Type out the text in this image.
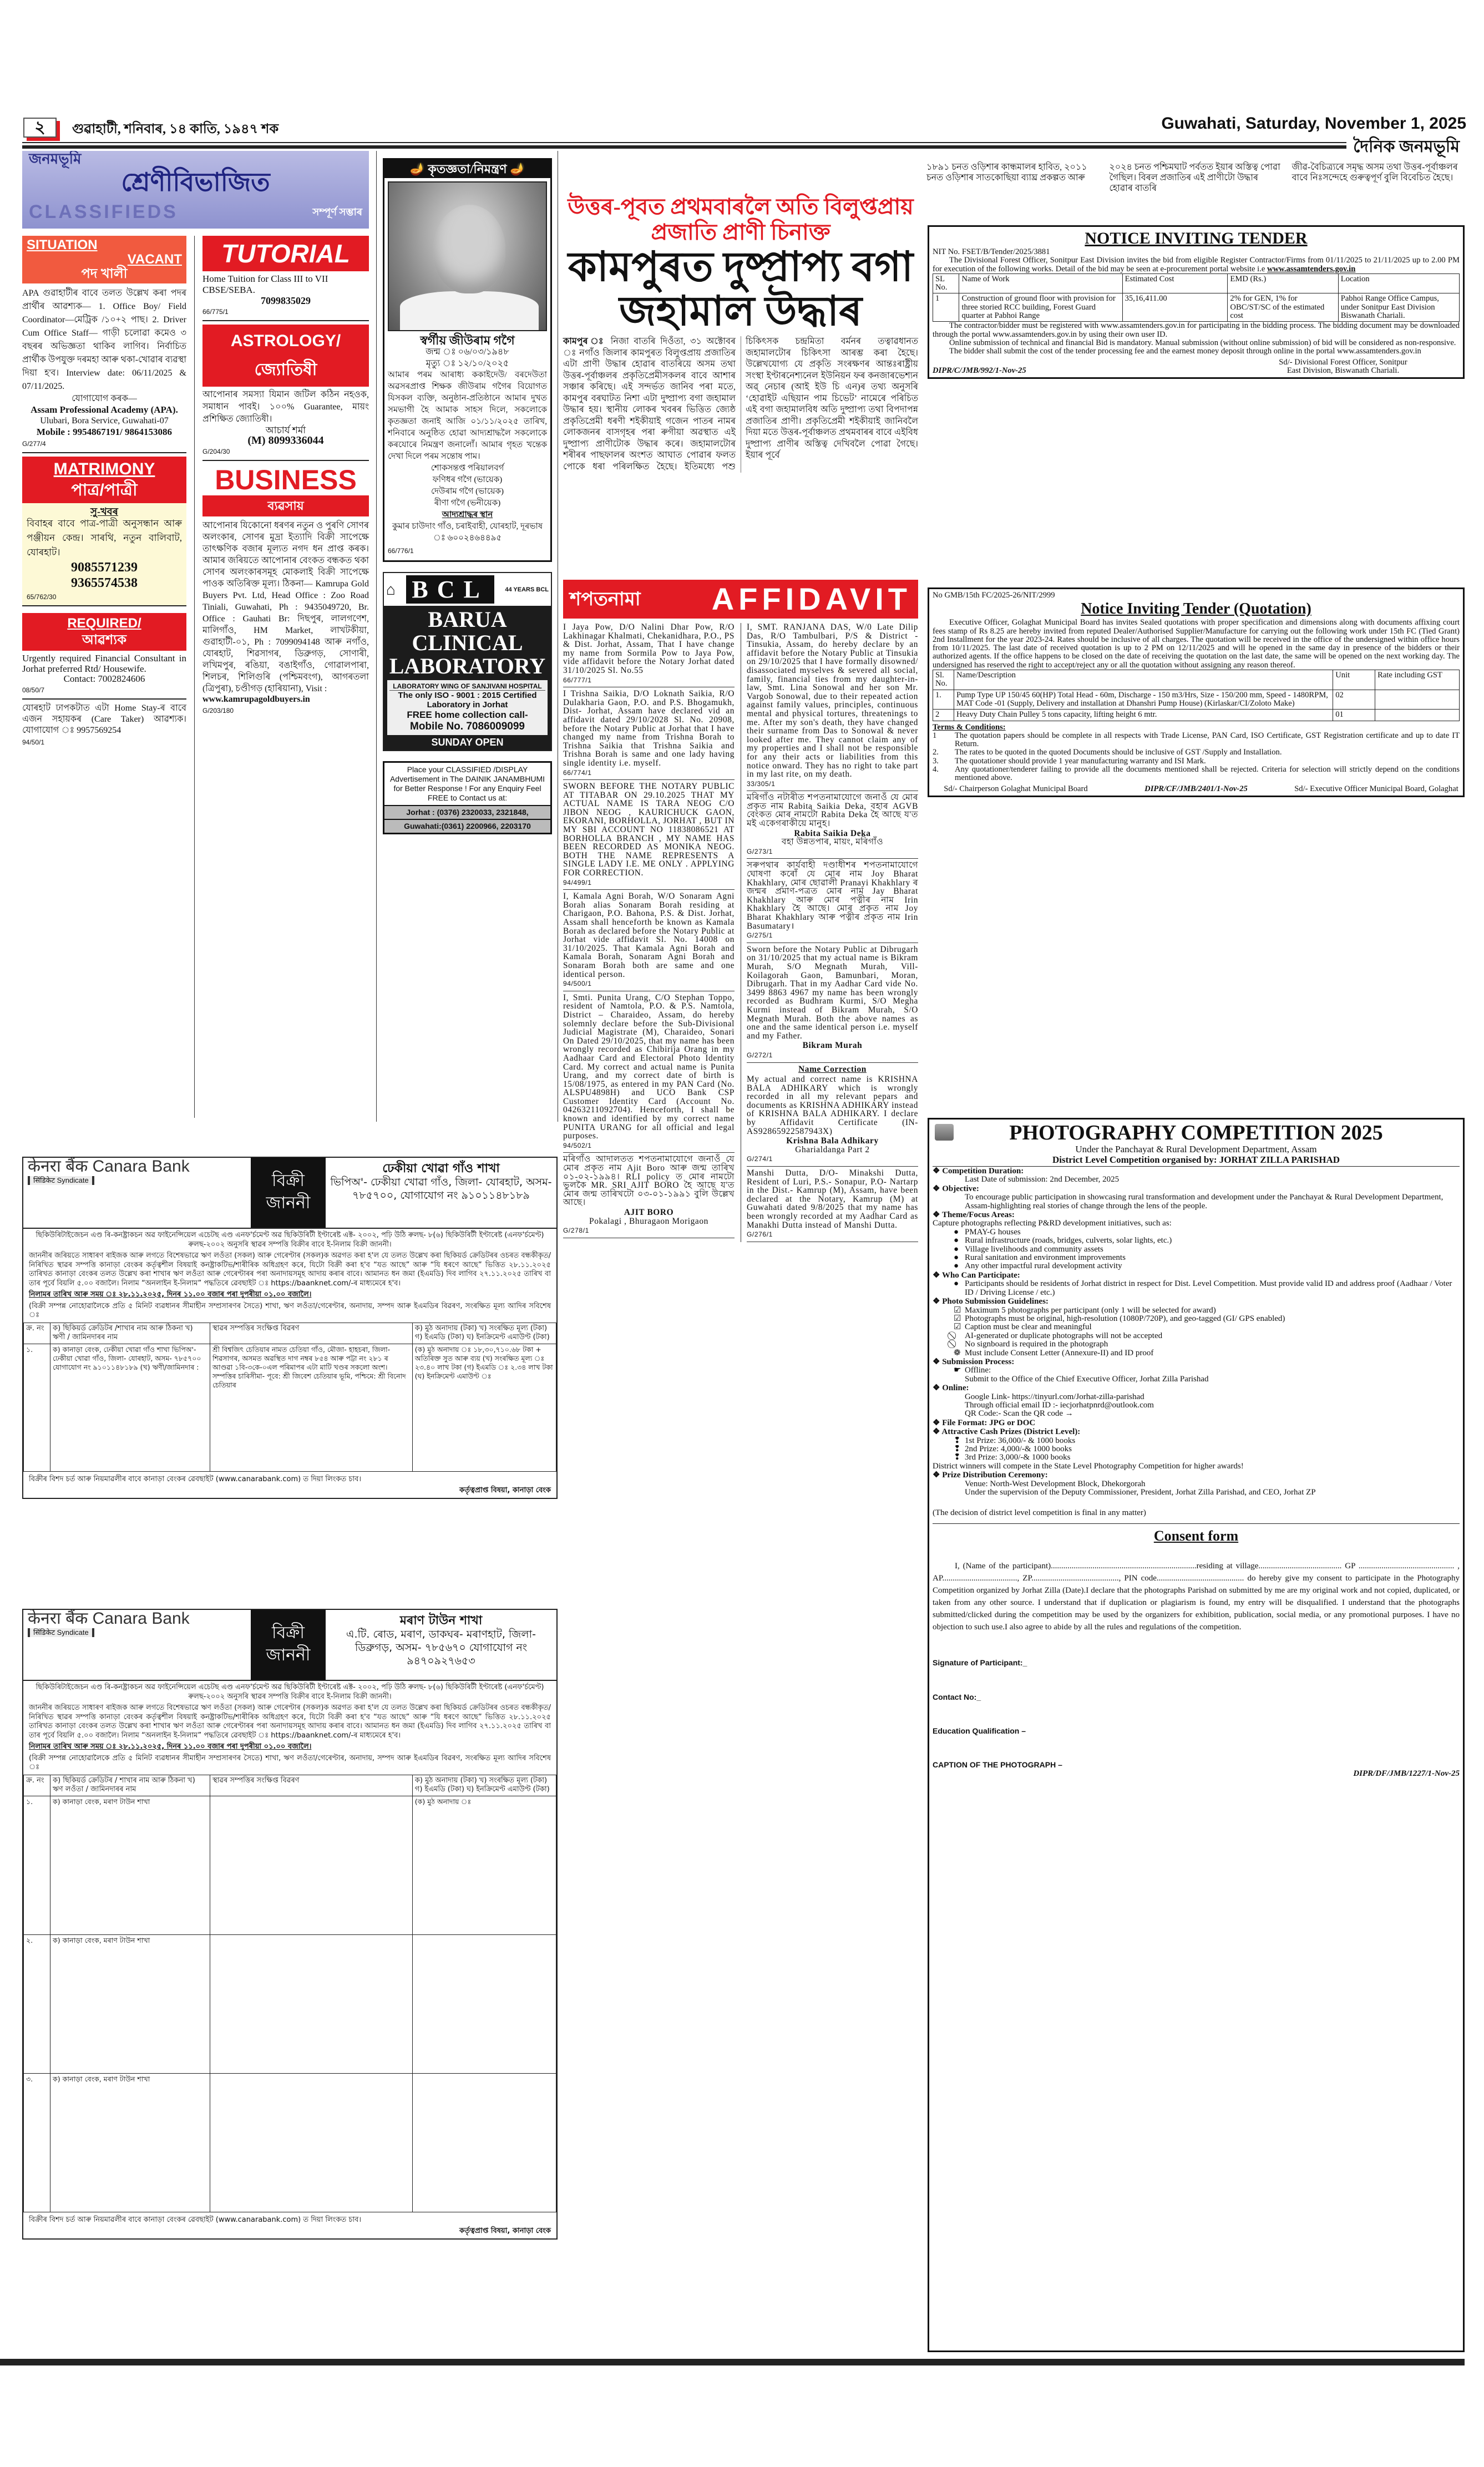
২	গুৱাহাটী, শনিবাৰ, ১৪ কাতি, ১৯৪৭ শক	Guwahati, Saturday, November 1, 2025
দৈনিক জনমভূমি
১৮৯১ চনত ওড়িশাৰ কান্ধমালৰ হাবিত, ২০১১ চনত ওড়িশাৰ সাতকোছিয়া ব্যাঘ্ৰ প্ৰকল্পত আৰু
২০২৪ চনত পশ্চিমঘাট পৰ্বতত ইয়াৰ অস্তিত্ব পোৱা গৈছিল। বিৰল প্ৰজাতিৰ এই প্ৰাণীটো উদ্ধাৰ হোৱাৰ বাতৰি
জীৱ-বৈচিত্ৰ্যৰে সমৃদ্ধ অসম তথা উত্তৰ-পূৰ্বাঞ্চলৰ বাবে নিঃসন্দেহে গুৰুত্বপূৰ্ণ বুলি বিবেচিত হৈছে।
জনমভূমি
শ্ৰেণীবিভাজিত
CLASSIFIEDS	সম্পূৰ্ণ সম্ভাৰ
SITUATION
VACANT
পদ খালী

APA গুৱাহাটীৰ বাবে তলত উল্লেখ কৰা পদৰ প্ৰাৰ্থীৰ আৱশ্যক— 1. Office Boy/ Field Coordinator—মেট্ৰিক /১০+২ পাছ। 2. Driver Cum Office Staff— গাড়ী চলোৱা কমেও ৩ বছৰৰ অভিজ্ঞতা থাকিব লাগিব। নিৰ্বাচিত প্ৰাৰ্থীক উপযুক্ত দৰমহা আৰু থকা-খোৱাৰ ব্যৱস্থা দিয়া হ'ব। Interview date: 06/11/2025 & 07/11/2025.

যোগাযোগ কৰক—

Assam Professional Academy (APA).

Ulubari, Bora Service, Guwahati-07

Mobile : 9954867191/ 9864153086

G/277/4
MATRIMONY
পাত্ৰ/পাত্ৰী

সু-খবৰ

বিবাহৰ বাবে পাত্ৰ-পাত্ৰী অনুসন্ধান আৰু পঞ্জীয়ন কেন্দ্ৰ। সাৰথি, নতুন বালিবাট, যোৰহাট।

9085571239

9365574538

65/762/30
REQUIRED/
আৱশ্যক

Urgently required Financial Consultant in Jorhat preferred Rtd/ Housewife.

Contact: 7002824606

08/50/7

যোৰহাট ঢাপকটাত এটা Home Stay-ৰ বাবে এজন সহায়কৰ (Care Taker) আৱশ্যক। যোগাযোগ ঃ 9957569254

94/50/1
TUTORIAL

Home Tuition for Class III to VII CBSE/SEBA.

7099835029

66/775/1
ASTROLOGY/ জ্যোতিষী

আপোনাৰ সমস্যা যিমান জটিল কঠিন নহওক, সমাধান পাবই। ১০০% Guarantee, মায়ং প্ৰশিক্ষিত জ্যোতিষী।

আচাৰ্য শৰ্মা

(M) 8099336044

G/204/30
BUSINESS
ব্যৱসায়

আপোনাৰ যিকোনো ধৰণৰ নতুন ও পুৰণি সোণৰ অলংকাৰ, সোণৰ মুদ্ৰা ইত্যাদি বিক্ৰী সাপেক্ষে তাৎক্ষণিক বজাৰ মূল্যত নগদ ধন প্ৰাপ্ত কৰক। আমাৰ জৰিয়তে আপোনাৰ বেংকত বন্ধকত থকা সোণৰ অলংকাৰসমূহ মোকলাই বিক্ৰী সাপেক্ষে পাওক অতিৰিক্ত মূল্য। ঠিকনা— Kamrupa Gold Buyers Pvt. Ltd, Head Office : Zoo Road Tiniali, Guwahati, Ph : 9435049720, Br. Office : Gauhati Br: দিছপুৰ, লালগণেশ, মালিগাঁও, HM Market, লাখটকীয়া, গুৱাহাটী-০১, Ph : 7099094148 আৰু নগাঁও, যোৰহাট, শিৱসাগৰ, ডিব্ৰুগড়, সোণাৰী, লখিমপুৰ, ৰঙিয়া, বঙাইগাঁও, গোৱালপাৰা, শিলচৰ, শিলিগুৰি (পশ্চিমবংগ), আগৰতলা (ত্ৰিপুৰা), চণ্ডীগড় (হাৰিয়ানা), Visit :

www.kamrupagoldbuyers.in
G/203/180
🪔 কৃতজ্ঞতা/নিমন্ত্ৰণ 🪔

স্বৰ্গীয় জীউৰাম গগৈ

জন্ম ঃ ০৬/০৩/১৯৪৮

মৃত্যু ঃ ১২/১০/২০২৫

আমাৰ পৰম আৰাধ্য ককাইদেউ/ বৰদেউতা অৱসৰপ্ৰাপ্ত শিক্ষক জীউৰাম গগৈৰ বিয়োগত যিসকল ব্যক্তি, অনুষ্ঠান-প্ৰতিষ্ঠানে আমাৰ দুখত সমভাগী হৈ আমাক সাহস দিলে, সকলোকে কৃতজ্ঞতা জনাই আজি ০১/১১/২০২৫ তাৰিখ, শনিবাৰে অনুষ্ঠিত হোৱা আদ্যশ্ৰাদ্ধলৈ সকলোকে কৰযোৰে নিমন্ত্ৰণ জনালোঁ। আমাৰ গৃহত খন্তেক দেখা দিলে পৰম সন্তোষ পাম।

শোকসন্তপ্ত পৰিয়ালবৰ্গ

ফণিধৰ গগৈ (ভায়েক)
দেউৰাম গগৈ (ভায়েক)
ৰীণা গগৈ (ভনীয়েক)

আদ্যশ্ৰাদ্ধৰ স্থান

কুমাৰ চাউদাং গাঁও, চৰাইবাহী, যোৰহাট, দূৰভাষ ঃ ৬০০২৪৬৪৪৯৫

66/776/1
⌂ BCL	44 YEARS BCL
BARUA CLINICAL LABORATORY
LABORATORY WING OF SANJIVANI HOSPITAL
The only ISO - 9001 : 2015 Certified Laboratory in Jorhat
FREE home collection call-
Mobile No. 7086009099
SUNDAY OPEN

Place your CLASSIFIED /DISPLAY Advertisement in The DAINIK JANAMBHUMI for Better Response ! For any Enquiry Feel FREE to Contact us at:

Jorhat : (0376) 2320033, 2321848,
Guwahati:(0361) 2200966, 2203170
উত্তৰ-পূবত প্ৰথমবাৰলৈ অতি বিলুপ্তপ্ৰায় প্ৰজাতি প্ৰাণী চিনাক্ত
কামপুৰত দুষ্প্ৰাপ্য বগা জহামাল উদ্ধাৰ
কামপুৰ ঃ নিজা বাতৰি দিওঁতা, ৩১ অক্টোবৰ ঃ নগাঁও জিলাৰ কামপুৰত বিলুপ্তপ্ৰায় প্ৰজাতিৰ এটা প্ৰাণী উদ্ধাৰ হোৱাৰ বাতৰিয়ে অসম তথা উত্তৰ-পূৰ্বাঞ্চলৰ প্ৰকৃতিপ্ৰেমীসকলৰ বাবে আশাৰ সঞ্চাৰ কৰিছে। এই সন্দৰ্ভত জানিব পৰা মতে, কামপুৰ বৰঘাটত নিশা এটা দুষ্প্ৰাপ্য বগা জহামাল উদ্ধাৰ হয়। স্থানীয় লোকৰ খবৰৰ ভিত্তিত জ্যেষ্ঠ প্ৰকৃতিপ্ৰেমী ধৰণী শইকীয়াই গজেন পাতৰ নামৰ লোকজনৰ বাসগৃহৰ পৰা ৰুগীয়া অৱস্থাত এই দুষ্প্ৰাপ্য প্ৰাণীটোক উদ্ধাৰ কৰে। জহামালটোৰ শৰীৰৰ পাছফালৰ অংশত আঘাত পোৱাৰ ফলত পোকে ধৰা পৰিলক্ষিত হৈছে। ইতিমধ্যে পশু চিকিৎসক চন্দ্ৰমিতা বৰ্মনৰ তত্বাৱধানত জহামালটোৰ চিকিৎসা আৰম্ভ কৰা হৈছে। উল্লেখযোগ্য যে প্ৰকৃতি সংৰক্ষণৰ আন্তঃৰাষ্ট্ৰীয় সংস্থা ইণ্টাৰনেশ্যনেল ইউনিয়ন ফৰ কনজাৰভেশ্যন অৱ্ নেচাৰ (আই ইউ চি এন)ৰ তথ্য অনুসৰি ‘হোৱাইট এছিয়ান পাম চিভেট’ নামেৰে পৰিচিত এই বগা জহামালবিধ অতি দুষ্প্ৰাপ্য তথা বিপদাপন্ন প্ৰজাতিৰ প্ৰাণী। প্ৰকৃতিপ্ৰেমী শইকীয়াই জানিবলৈ দিয়া মতে উত্তৰ-পূৰ্বাঞ্চলত প্ৰথমবাৰৰ বাবে এইবিধ দুষ্প্ৰাপ্য প্ৰাণীৰ অস্তিত্ব দেখিবলৈ পোৱা গৈছে। ইয়াৰ পূৰ্বে
শপতনামা AFFIDAVIT
I Jaya Pow, D/O Nalini Dhar Pow, R/O Lakhinagar Khalmati, Chekanidhara, P.O., PS & Dist. Jorhat, Assam, That I have change my name from Sormila Pow to Jaya Pow, vide affidavit before the Notary Jorhat dated 31/10/2025 Sl. No.55
66/777/1
I Trishna Saikia, D/O Loknath Saikia, R/O Dulakharia Gaon, P.O. and P.S. Bhogamukh, Dist- Jorhat, Assam have declared vid an affidavit dated 29/10/2028 Sl. No. 20908, before the Notary Public at Jorhat that I have changed my name from Trishna Borah to Trishna Saikia that Trishna Saikia and Trishna Borah is same and one lady having single identity i.e. myself.
66/774/1
SWORN BEFORE THE NOTARY PUBLIC AT TITABAR ON 29.10.2025 THAT MY ACTUAL NAME IS TARA NEOG C/O JIBON NEOG , KAURICHUCK GAON, EKORANI, BORHOLLA, JORHAT , BUT IN MY SBI ACCOUNT NO 11838086521 AT BORHOLLA BRANCH , MY NAME HAS BEEN RECORDED AS MONIKA NEOG. BOTH THE NAME REPRESENTS A SINGLE LADY I.E. ME ONLY . APPLYING FOR CORRECTION.
94/499/1
I, Kamala Agni Borah, W/O Sonaram Agni Borah alias Sonaram Borah residing at Charigaon, P.O. Bahona, P.S. & Dist. Jorhat, Assam shall henceforth be known as Kamala Borah as declared before the Notary Public at Jorhat vide affidavit Sl. No. 14008 on 31/10/2025. That Kamala Agni Borah and Kamala Borah, Sonaram Agni Borah and Sonaram Borah both are same and one identical person.
94/500/1
I, Smti. Punita Urang, C/O Stephan Toppo, resident of Namtola, P.O. & P.S. Namtola, District – Charaideo, Assam, do hereby solemnly declare before the Sub-Divisional Judicial Magistrate (M), Charaideo, Sonari On Dated 29/10/2025, that my name has been wrongly recorded as Chibirija Orang in my Aadhaar Card and Electoral Photo Identity Card. My correct and actual name is Punita Urang, and my correct date of birth is 15/08/1975, as entered in my PAN Card (No. ALSPU4898H) and UCO Bank CSP Customer Identity Card (Account No. 04263211092704). Henceforth, I shall be known and identified by my correct name PUNITA URANG for all official and legal purposes.
94/502/1
মৰিগাঁও আদালতত শপতনামাযোগে জনাওঁ যে মোৰ প্ৰকৃত নাম Ajit Boro আৰু জন্ম তাৰিখ ০১-০২-১৯৯৪। RLI policy ত মোৰ নামটো ভুলকৈ MR. SRI AJIT BORO হৈ আছে য'ত মোৰ জন্ম তাৰিখটো ০৩-০১-১৯৯১ বুলি উল্লেখ আছে।
AJIT BORO
Pokalagi , Bhuragaon Morigaon
G/278/1
I, SMT. RANJANA DAS, W/0 Late Dilip Das, R/O Tambulbari, P/S & District -Tinsukia, Assam, do hereby declare by an affidavit before the Notary Public at Tinsukia on 29/10/2025 that I have formally disowned/ disassociated myselves & severed all social, family, financial ties from my daughter-in-law, Smt. Lina Sonowal and her son Mr. Vargob Sonowal, due to their repeated action against family values, principles, continuous mental and physical tortures, threatenings to me. After my son's death, they have changed their surname from Das to Sonowal & never looked after me. They cannot claim any of my properties and I shall not be responsible for any their acts or liabilities from this notice onward. They has no right to take part in my last rite, on my death.
33/305/1
মৰিগাঁও নটাৰীত শপতনামাযোগে জনাওঁ যে মোৰ প্ৰকৃত নাম Rabita Saikia Deka, বহাৰ AGVB বেংকত মোৰ নামটো Rabita Deka হৈ আছে য'ত মই একেগৰাকীয়ে মানুহ।
Rabita Saikia Deka
বহা উন্নতপাৰ, মায়ং, মৰিগাঁও
G/273/1
সৰুপথাৰ কাৰ্যবাহী দণ্ডাধীশৰ শপতনামাযোগে ঘোষণা কৰোঁ যে মোৰ নাম Joy Bharat Khakhlary, মোৰ ছোৱালী Pranayi Khakhlary ৰ জন্মৰ প্ৰমাণ-পত্ৰত মোৰ নাম Jay Bharat Khakhlary আৰু মোৰ পত্নীৰ নাম Irin Khakhlary হৈ আছে। মোৰ প্ৰকৃত নাম Joy Bharat Khakhlary আৰু পত্নীৰ প্ৰকৃত নাম Irin Basumatary।
G/275/1
Sworn before the Notary Public at Dibrugarh on 31/10/2025 that my actual name is Bikram Murah, S/O Megnath Murah, Vill- Koilagorah Gaon, Bamunbari, Moran, Dibrugarh. That in my Aadhar Card vide No. 3499 8863 4967 my name has been wrongly recorded as Budhram Kurmi, S/O Megha Kurmi instead of Bikram Murah, S/O Megnath Murah. Both the above names as one and the same identical person i.e. myself and my Father.
Bikram Murah
G/272/1
Name Correction
My actual and correct name is KRISHNA BALA ADHIKARY which is wrongly recorded in all my relevant pepars and documents as KRISHNA ADHIKARY instead of KRISHNA BALA ADHIKARY. I declare by Affidavit Certificate (IN-AS92865922587943X)
Krishna Bala Adhikary
Gharialdanga Part 2
G/274/1
Manshi Dutta, D/O- Minakshi Dutta, Resident of Luri, P.S.- Sonapur, P.O- Nartarp in the Dist.- Kamrup (M), Assam, have been declared at the Notary, Kamrup (M) at Guwahati dated 9/8/2025 that my name has been wrongly recorded at my Aadhar Card as Manakhi Dutta instead of Manshi Dutta.
G/276/1
NOTICE INVITING TENDER

NIT No. FSET/B/Tender/2025/3881

The Divisional Forest Officer, Sonitpur East Division invites the bid from eligible Register Contractor/Firms from 01/11/2025 to 21/11/2025 up to 2.00 PM for execution of the following works. Detail of the bid may be seen at e-procurement portal website i.e www.assamtenders.gov.in

SL No.	Name of Work	Estimated Cost	EMD (Rs.)	Location
1	Construction of ground floor with provision for three storied RCC building, Forest Guard quarter at Pabhoi Range	35,16,411.00	2% for GEN, 1% for OBC/ST/SC of the estimated cost	Pabhoi Range Office Campus, under Sonitpur East Division Biswanath Chariali.

The contractor/bidder must be registered with www.assamtenders.gov.in for participating in the bidding process. The bidding document may be downloaded through the portal www.assamtenders.gov.in by using their own user ID.

Online submission of technical and financial Bid is mandatory. Manual submission (without online submission) of bid will be considered as non-responsive.

The bidder shall submit the cost of the tender processing fee and the earnest money deposit through online in the portal www.assamtenders.gov.in

DIPR/C/JMB/992/1-Nov-25
Sd/- Divisional Forest Officer, Sonitpur East Division, Biswanath Chariali.

No GMB/15th FC/2025-26/NIT/2999

Notice Inviting Tender (Quotation)

Executive Officer, Golaghat Municipal Board has invites Sealed quotations with proper specification and dimensions along with documents affixing court fees stamp of Rs 8.25 are hereby invited from reputed Dealer/Authorised Supplier/Manufacture for carrying out the following work under 15th FC (Tied Grant) 2nd Installment for the year 2023-24. Rates should be inclusive of all charges. The quotation will be received in the office of the undersigned within office hours from 10/11/2025. The last date of received quotation is up to 2 PM on 12/11/2025 and will he opened in the same day in presence of the bidders or their authorized agents. If the office happens to be closed on the date of receiving the quotation on the last date, the same will be opened on the next working day. The undersigned has reserved the right to accept/reject any or all the quotation without assigning any reason thereof.

Sl. No.	Name/Description	Unit	Rate including GST
1.	Pump Type UP 150/45 60(HP) Total Head - 60m, Discharge - 150 m3/Hrs, Size - 150/200 mm, Speed - 1480RPM, MAT Code -01 (Supply, Delivery and installation at Dhanshri Pump House) (Kirlaskar/CI/Zoloto Make)	02	
2	Heavy Duty Chain Pulley 5 tons capacity, lifting height 6 mtr.	01	

Terms & Conditions:

1	The quotation papers should be complete in all respects with Trade License, PAN Card, ISO Certificate, GST Registration certificate and up to date IT Return.
2.	The rates to be quoted in the quoted Documents should be inclusive of GST /Supply and Installation.
3.	The quotationer should provide 1 year manufacturing warranty and ISI Mark.
4.	Any quotationer/tenderer failing to provide all the documents mentioned shall be rejected. Criteria for selection will strictly depend on the conditions mentioned above.
Sd/- Chairperson Golaghat Municipal Board	DIPR/CF/JMB/2401/1-Nov-25	Sd/- Executive Officer Municipal Board, Golaghat
PHOTOGRAPHY COMPETITION 2025

Under the Panchayat & Rural Development Department, Assam

District Level Competition organised by: JORHAT ZILLA PARISHAD

❖ Competition Duration:
Last Date of submission: 2nd December, 2025
❖ Objective:
To encourage public participation in showcasing rural transformation and development under the Panchayat & Rural Development Department, Assam-highlighting real stories of change through the lens of the people.
❖ Theme/Focus Areas:
Capture photographs reflecting P&RD development initiatives, such as:
● PMAY-G houses
● Rural infrastructure (roads, bridges, culverts, solar lights, etc.)
● Village livelihoods and community assets
● Rural sanitation and environment improvements
● Any other impactful rural development activity
❖ Who Can Participate:
● Participants should be residents of Jorhat district in respect for Dist. Level Competition. Must provide valid ID and address proof (Aadhaar / Voter ID / Driving License / etc.)
❖ Photo Submission Guidelines:
☑ Maximum 5 photographs per participant (only 1 will be selected for award)
☑ Photographs must be original, high-resolution (1080P/720P), and geo-tagged (GI/ GPS enabled)
☑ Caption must be clear and meaningful
AI-generated or duplicate photographs will not be accepted
No signboard is required in the photograph
❁ Must include Consent Letter (Annexure-II) and ID proof
❖ Submission Process:
☛ Offline:
Submit to the Office of the Chief Executive Officer, Jorhat Zilla Parishad
❖ Online:
Google Link- https://tinyurl.com/Jorhat-zilla-parishad
Through official email ID :- iecjorhatpnrd@outlook.com
QR Code:- Scan the QR code →
❖ File Format: JPG or DOC
❖ Attractive Cash Prizes (District Level):
❢ 1st Prize: 36,000/- & 1000 books
❢ 2nd Prize: 4,000/-& 1000 books
❢ 3rd Prize: 3,000/-& 1000 books
District winners will compete in the State Level Photography Competition for higher awards!
❖ Prize Distribution Ceremony:
Venue: North-West Development Block, Dhekorgorah
Under the supervision of the Deputy Commissioner, President, Jorhat Zilla Parishad, and CEO, Jorhat ZP

(The decision of district level competition is final in any matter)

Consent form

I, (Name of the participant)......................................................................residing at village........................................ GP .............................................. , AP...................................., ZP.........................................., PIN code.......................................... do hereby give my consent to participate in the Photography Competition organized by Jorhat Zilla (Date).I declare that the photographs Parishad on submitted by me are my original work and not copied, duplicated, or taken from any other source. I understand that if duplication or plagiarism is found, my entry will be disqualified. I understand that the photographs submitted/clicked during the competition may be used by the organizers for exhibition, publication, social media, or any promotional purposes. I have no objection to such use.I also agree to abide by all the rules and regulations of the competition.

Signature of Participant:_
Contact No:_
Education Qualification –
CAPTION OF THE PHOTOGRAPH –

DIPR/DF/JMB/1227/1-Nov-25

केनरा बैंक Canara Bank
सिंडिकेट Syndicate	বিক্ৰী জাননী
ঢেকীয়া খোৱা গাঁও শাখা
ভিপিঅ'- ঢেকীয়া খোৱা গাঁও, জিলা- যোৰহাট, অসম- ৭৮৫৭০০, যোগাযোগ নং ৯১০১১৪৮১৮৯
ছিকিউৰিটাইজেচন এণ্ড ৰি-কনষ্ট্ৰাকচন অৱ ফাইনেন্সিয়েল এচেটছ এণ্ড এনফ'ৰ্চমেণ্ট অৱ ছিকিউৰিটী ইণ্টাৰেষ্ট এক্ট- ২০০২, পঢ়ি উঠি ৰুলছ- ৮(৬) ছিকিউৰিটী ইণ্টাৰেষ্ট (এনফ'ৰ্চমেণ্ট) ৰুলছ-২০০২ অনুসৰি স্থাৱৰ সম্পত্তি বিক্ৰীৰ বাবে ই-নিলাম বিক্ৰী জাননী।

জাননীৰ জৰিয়তে সাধাৰণ ৰাইজক আৰু লগতে বিশেষভাৱে ঋণ লওঁতা (সকল) আৰু গেৰেণ্টাৰ (সকল)ক অৱগত কৰা হ'ল যে তলত উল্লেখ কৰা ছিকিয়ৰ্ড ক্ৰেডিটৰৰ ওচৰত বন্ধকীকৃত/নিৰিখিত স্থাৱৰ সম্পত্তি কানাড়া বেংকৰ কৰ্তৃত্বশীল বিষয়াই কনষ্ট্ৰাকটিভ/শাৰীৰিক অধিগ্ৰহণ কৰে, যিটো বিক্ৰী কৰা হ'ব “যত আছে” আৰু “যি ধৰণে আছে” ভিত্তিত ২৮.১১.২০২৫ তাৰিখত কানাড়া বেংকৰ তলত উল্লেখ কৰা শাখাৰ ঋণ লওঁতা আৰু গেৰেণ্টাৰৰ পৰা অনাদায়সমূহ আদায় কৰাৰ বাবে। আমানত ধন জমা (ইএমডি) দিব লাগিব ২৭.১১.২০২৫ তাৰিখ বা তাৰ পূৰ্বে বিয়লি ৫.০০ বজালৈ। নিলাম “অনলাইন ই-নিলাম” পদ্ধতিৰে ৱেবছাইট ঃ https://baanknet.com/-ৰ মাধ্যমেৰে হ'ব।

নিলামৰ তাৰিখ আৰু সময় ঃ ২৮.১১.২০২৫, দিনৰ ১১.০০ বজাৰ পৰা দুপৰীয়া ০১.০০ বজালৈ।

(বিক্ৰী সম্পন্ন নোহোৱালৈকে প্ৰতি ৫ মিনিট ব্যৱধানৰ সীমাহীন সম্প্ৰসাৰণৰ সৈতে) শাখা, ঋণ লওঁতা/গেৰেণ্টাৰ, অনাদায়, সম্পদ আৰু ইএমডিৰ বিৱৰণ, সংৰক্ষিত মূল্য আদিৰ সবিশেষ ঃ

ক্ৰ. নং	ক) ছিকিয়ৰ্ড ক্ৰেডিটৰ /শাখাৰ নাম আৰু ঠিকনা খ) ঋণী / জামিনদাৰৰ নাম	স্থাৱৰ সম্পত্তিৰ সংক্ষিপ্ত বিৱৰণ	ক) মুঠ অনাদায় (টকা) খ) সংৰক্ষিত মূল্য (টকা) গ) ইএমডি (টকা) ঘ) ইনক্ৰিমেণ্ট এমাউণ্ট (টকা)
১.	ক) কানাড়া বেংক, ঢেকীয়া খোৱা গাঁও শাখা ভিপিঅ'- ঢেকীয়া খোৱা গাঁও, জিলা- যোৰহাট, অসম- ৭৮৫৭০০ যোগাযোগ নং ৯১০১১৪৮১৮৯ (খ) ঋণী/জামিনদাৰ :	শ্ৰী বিশ্বজিৎ চেতিয়াৰ নামত চেতিয়া গাঁও, মৌজা- হাহচৰা, জিলা- শিৱসাগৰ, অসমত অৱস্থিত দাগ নম্বৰ ৮৫৪ আৰু পট্টা নং ২৮১ ৰ আণ্ডৱা ১বি-৩কে-০এল পৰিমাপৰ এটা মাটি খণ্ডৰ সকলো অংশ। সম্পত্তিৰ চাৰিসীমা- পূবে: শ্ৰী জিবেশ চেতিয়াৰ ভূমি, পশ্চিমে: শ্ৰী বিনোদ চেতিয়াৰ	(ক) মুঠ অনাদায় ঃ ১৮,৩০,৭১০.৬৮ টকা + অতিৰিক্ত সুত আৰু ব্যয় (খ) সংৰক্ষিত মূল্য ঃ ২৩.৪০ লাখ টকা (গ) ইএমডি ঃ ২.৩৪ লাখ টকা (ঘ) ইনক্ৰিমেণ্ট এমাউণ্ট ঃ

বিক্ৰীৰ বিশদ চৰ্ত আৰু নিয়মাৱলীৰ বাবে কানাড়া বেংকৰ ৱেবছাইট (www.canarabank.com) ত দিয়া লিংকত চাব।

কৰ্তৃত্বপ্ৰাপ্ত বিষয়া, কানাড়া বেংক

केनरा बैंक Canara Bank
सिंडिकेट Syndicate	বিক্ৰী জাননী
মৰাণ টাউন শাখা
এ.টি. ৰোড, মৰাণ, ডাকঘৰ- মৰাণহাট, জিলা- ডিব্ৰুগড়, অসম- ৭৮৫৬৭০ যোগাযোগ নং ৯৪৭০৯২৭৬৫৩
ছিকিউৰিটাইজেচন এণ্ড ৰি-কনষ্ট্ৰাকচন অৱ ফাইনেন্সিয়েল এচেটছ এণ্ড এনফ'ৰ্চমেণ্ট অৱ ছিকিউৰিটী ইণ্টাৰেষ্ট এক্ট- ২০০২, পঢ়ি উঠি ৰুলছ- ৮(৬) ছিকিউৰিটী ইণ্টাৰেষ্ট (এনফ'ৰ্চমেণ্ট) ৰুলছ-২০০২ অনুসৰি স্থাৱৰ সম্পত্তি বিক্ৰীৰ বাবে ই-নিলাম বিক্ৰী জাননী।

জাননীৰ জৰিয়তে সাধাৰণ ৰাইজক আৰু লগতে বিশেষভাৱে ঋণ লওঁতা (সকল) আৰু গেৰেণ্টাৰ (সকল)ক অৱগত কৰা হ'ল যে তলত উল্লেখ কৰা ছিকিয়ৰ্ড ক্ৰেডিটৰৰ ওচৰত বন্ধকীকৃত/নিৰিখিত স্থাৱৰ সম্পত্তি কানাড়া বেংকৰ কৰ্তৃত্বশীল বিষয়াই কনষ্ট্ৰাকটিভ/শাৰীৰিক অধিগ্ৰহণ কৰে, যিটো বিক্ৰী কৰা হ'ব “যত আছে” আৰু “যি ধৰণে আছে” ভিত্তিত ২৮.১১.২০২৫ তাৰিখত কানাড়া বেংকৰ তলত উল্লেখ কৰা শাখাৰ ঋণ লওঁতা আৰু গেৰেণ্টাৰৰ পৰা অনাদায়সমূহ আদায় কৰাৰ বাবে। আমানত ধন জমা (ইএমডি) দিব লাগিব ২৭.১১.২০২৫ তাৰিখ বা তাৰ পূৰ্বে বিয়লি ৫.০০ বজালৈ। নিলাম “অনলাইন ই-নিলাম” পদ্ধতিৰে ৱেবছাইট ঃ https://baanknet.com/-ৰ মাধ্যমেৰে হ'ব।

নিলামৰ তাৰিখ আৰু সময় ঃ ২৮.১১.২০২৫, দিনৰ ১১.০০ বজাৰ পৰা দুপৰীয়া ০১.০০ বজালৈ।

(বিক্ৰী সম্পন্ন নোহোৱালৈকে প্ৰতি ৫ মিনিট ব্যৱধানৰ সীমাহীন সম্প্ৰসাৰণৰ সৈতে) শাখা, ঋণ লওঁতা/গেৰেণ্টাৰ, অনাদায়, সম্পদ আৰু ইএমডিৰ বিৱৰণ, সংৰক্ষিত মূল্য আদিৰ সবিশেষ ঃ

ক্ৰ. নং	ক) ছিকিয়ৰ্ড ক্ৰেডিটৰ / শাখাৰ নাম আৰু ঠিকনা খ) ঋণ লওঁতা / জামিনদাৰৰ নাম	স্থাৱৰ সম্পত্তিৰ সংক্ষিপ্ত বিৱৰণ	ক) মুঠ অনাদায় (টকা) খ) সংৰক্ষিত মূল্য (টকা) গ) ইএমডি (টকা) ঘ) ইনক্ৰিমেণ্ট এমাউণ্ট (টকা)
১.	ক) কানাড়া বেংক, মৰাণ টাউন শাখা		(ক) মুঠ অনাদায় ঃ
২.	ক) কানাড়া বেংক, মৰাণ টাউন শাখা		
৩.	ক) কানাড়া বেংক, মৰাণ টাউন শাখা		

বিক্ৰীৰ বিশদ চৰ্ত আৰু নিয়মাৱলীৰ বাবে কানাড়া বেংকৰ ৱেবছাইট (www.canarabank.com) ত দিয়া লিংকত চাব।

কৰ্তৃত্বপ্ৰাপ্ত বিষয়া, কানাড়া বেংক
